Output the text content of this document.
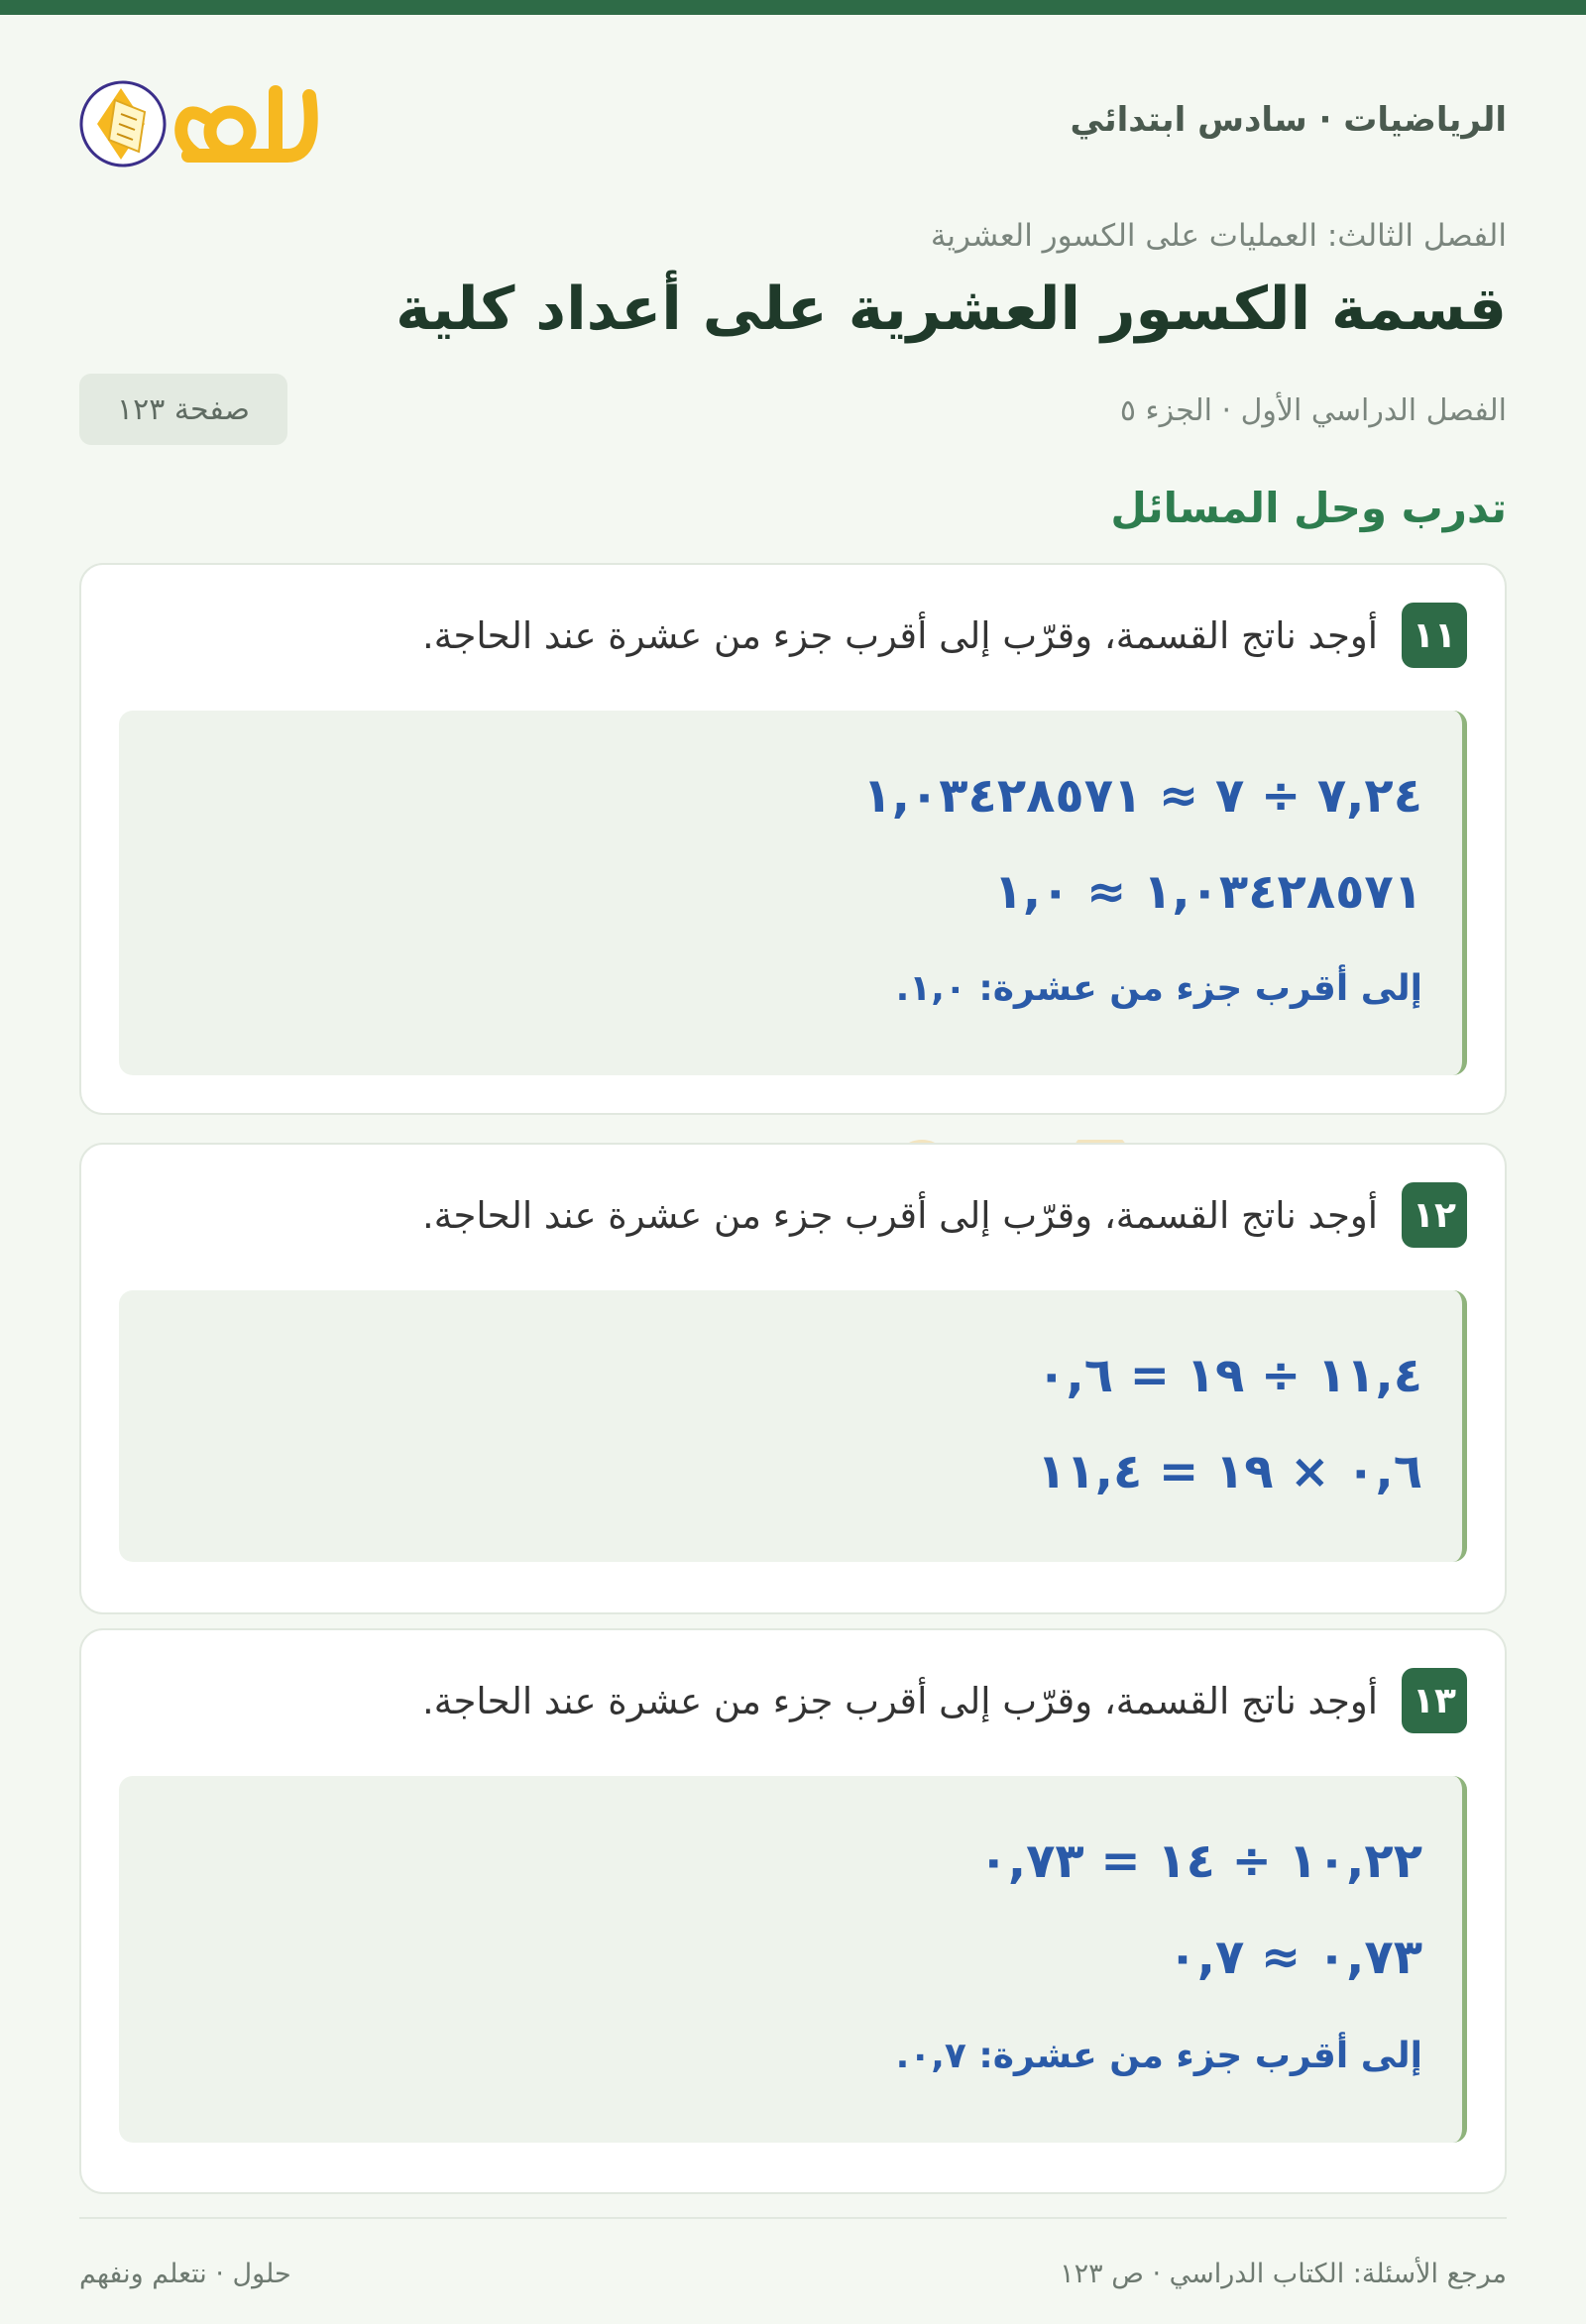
الرياضيات · سادس ابتدائي
الفصل الثالث: العمليات على الكسور العشرية
قسمة الكسور العشرية على أعداد كلية
الفصل الدراسي الأول · الجزء ٥
صفحة ١٢٣
تدرب وحل المسائل
١١
أوجد ناتج القسمة، وقرّب إلى أقرب جزء من عشرة عند الحاجة.
٧,٢٤ ÷ ٧ ≈ ١,٠٣٤٢٨٥٧١
١,٠٣٤٢٨٥٧١ ≈ ١,٠
إلى أقرب جزء من عشرة: ١,٠.
١٢
أوجد ناتج القسمة، وقرّب إلى أقرب جزء من عشرة عند الحاجة.
١١,٤ ÷ ١٩ = ٠,٦
٠,٦ × ١٩ = ١١,٤
١٣
أوجد ناتج القسمة، وقرّب إلى أقرب جزء من عشرة عند الحاجة.
١٠,٢٢ ÷ ١٤ = ٠,٧٣
٠,٧٣ ≈ ٠,٧
إلى أقرب جزء من عشرة: ٠,٧.
مرجع الأسئلة: الكتاب الدراسي · ص ١٢٣
حلول · نتعلم ونفهم
